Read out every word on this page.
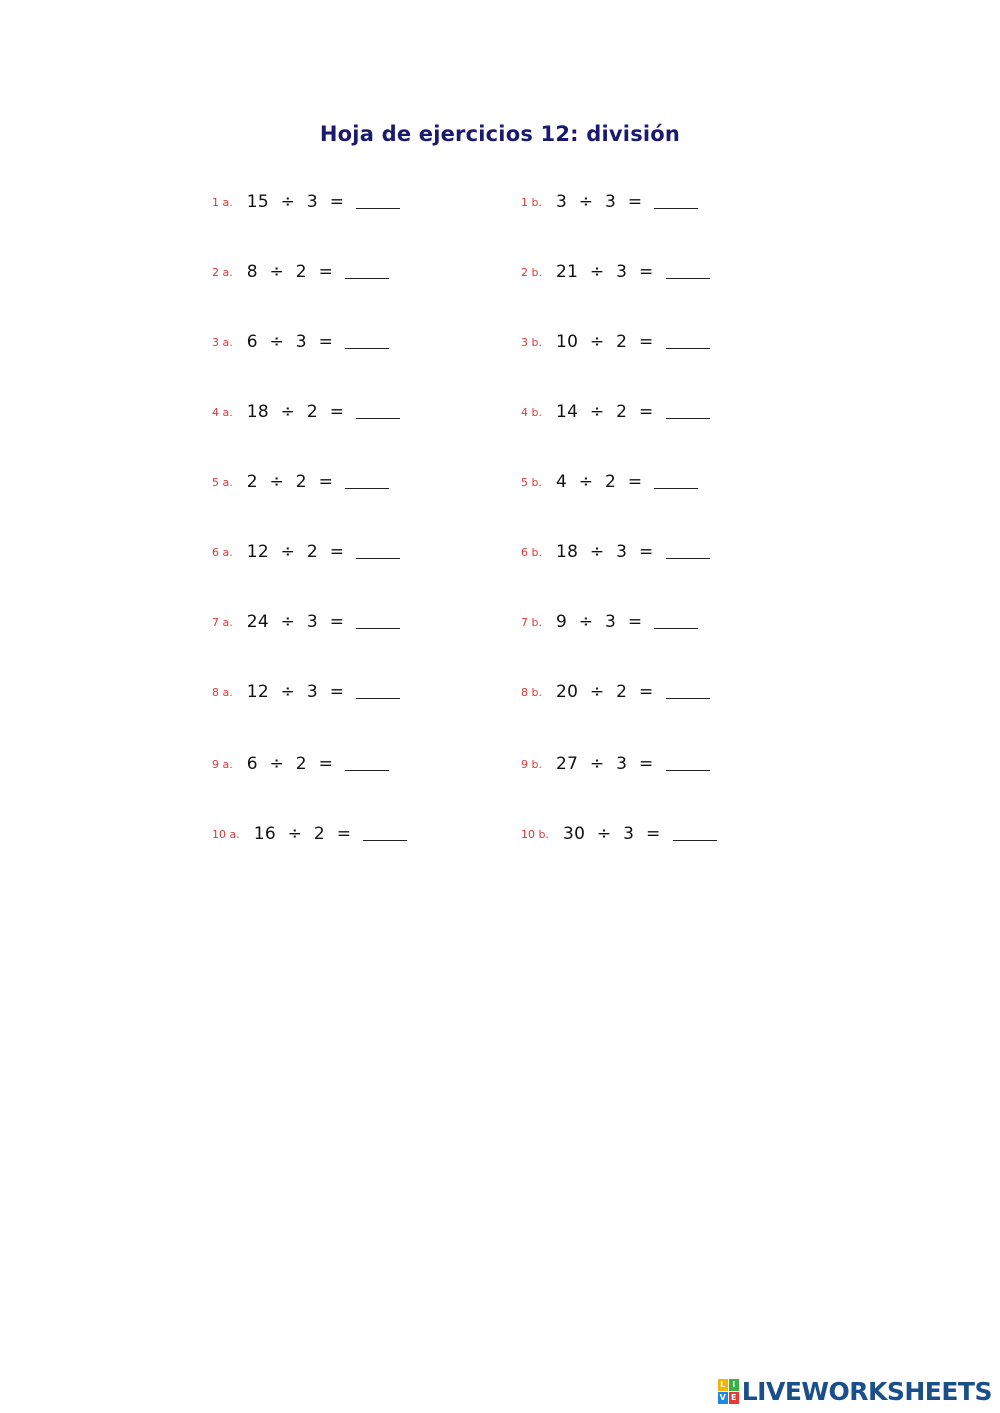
Hoja de ejercicios 12: división
1 a. 15 ÷ 3 =
2 a. 8 ÷ 2 =
3 a. 6 ÷ 3 =
4 a. 18 ÷ 2 =
5 a. 2 ÷ 2 =
6 a. 12 ÷ 2 =
7 a. 24 ÷ 3 =
8 a. 12 ÷ 3 =
9 a. 6 ÷ 2 =
10 a. 16 ÷ 2 =
1 b. 3 ÷ 3 =
2 b. 21 ÷ 3 =
3 b. 10 ÷ 2 =
4 b. 14 ÷ 2 =
5 b. 4 ÷ 2 =
6 b. 18 ÷ 3 =
7 b. 9 ÷ 3 =
8 b. 20 ÷ 2 =
9 b. 27 ÷ 3 =
10 b. 30 ÷ 3 =
L I
V E LIVEWORKSHEETS
